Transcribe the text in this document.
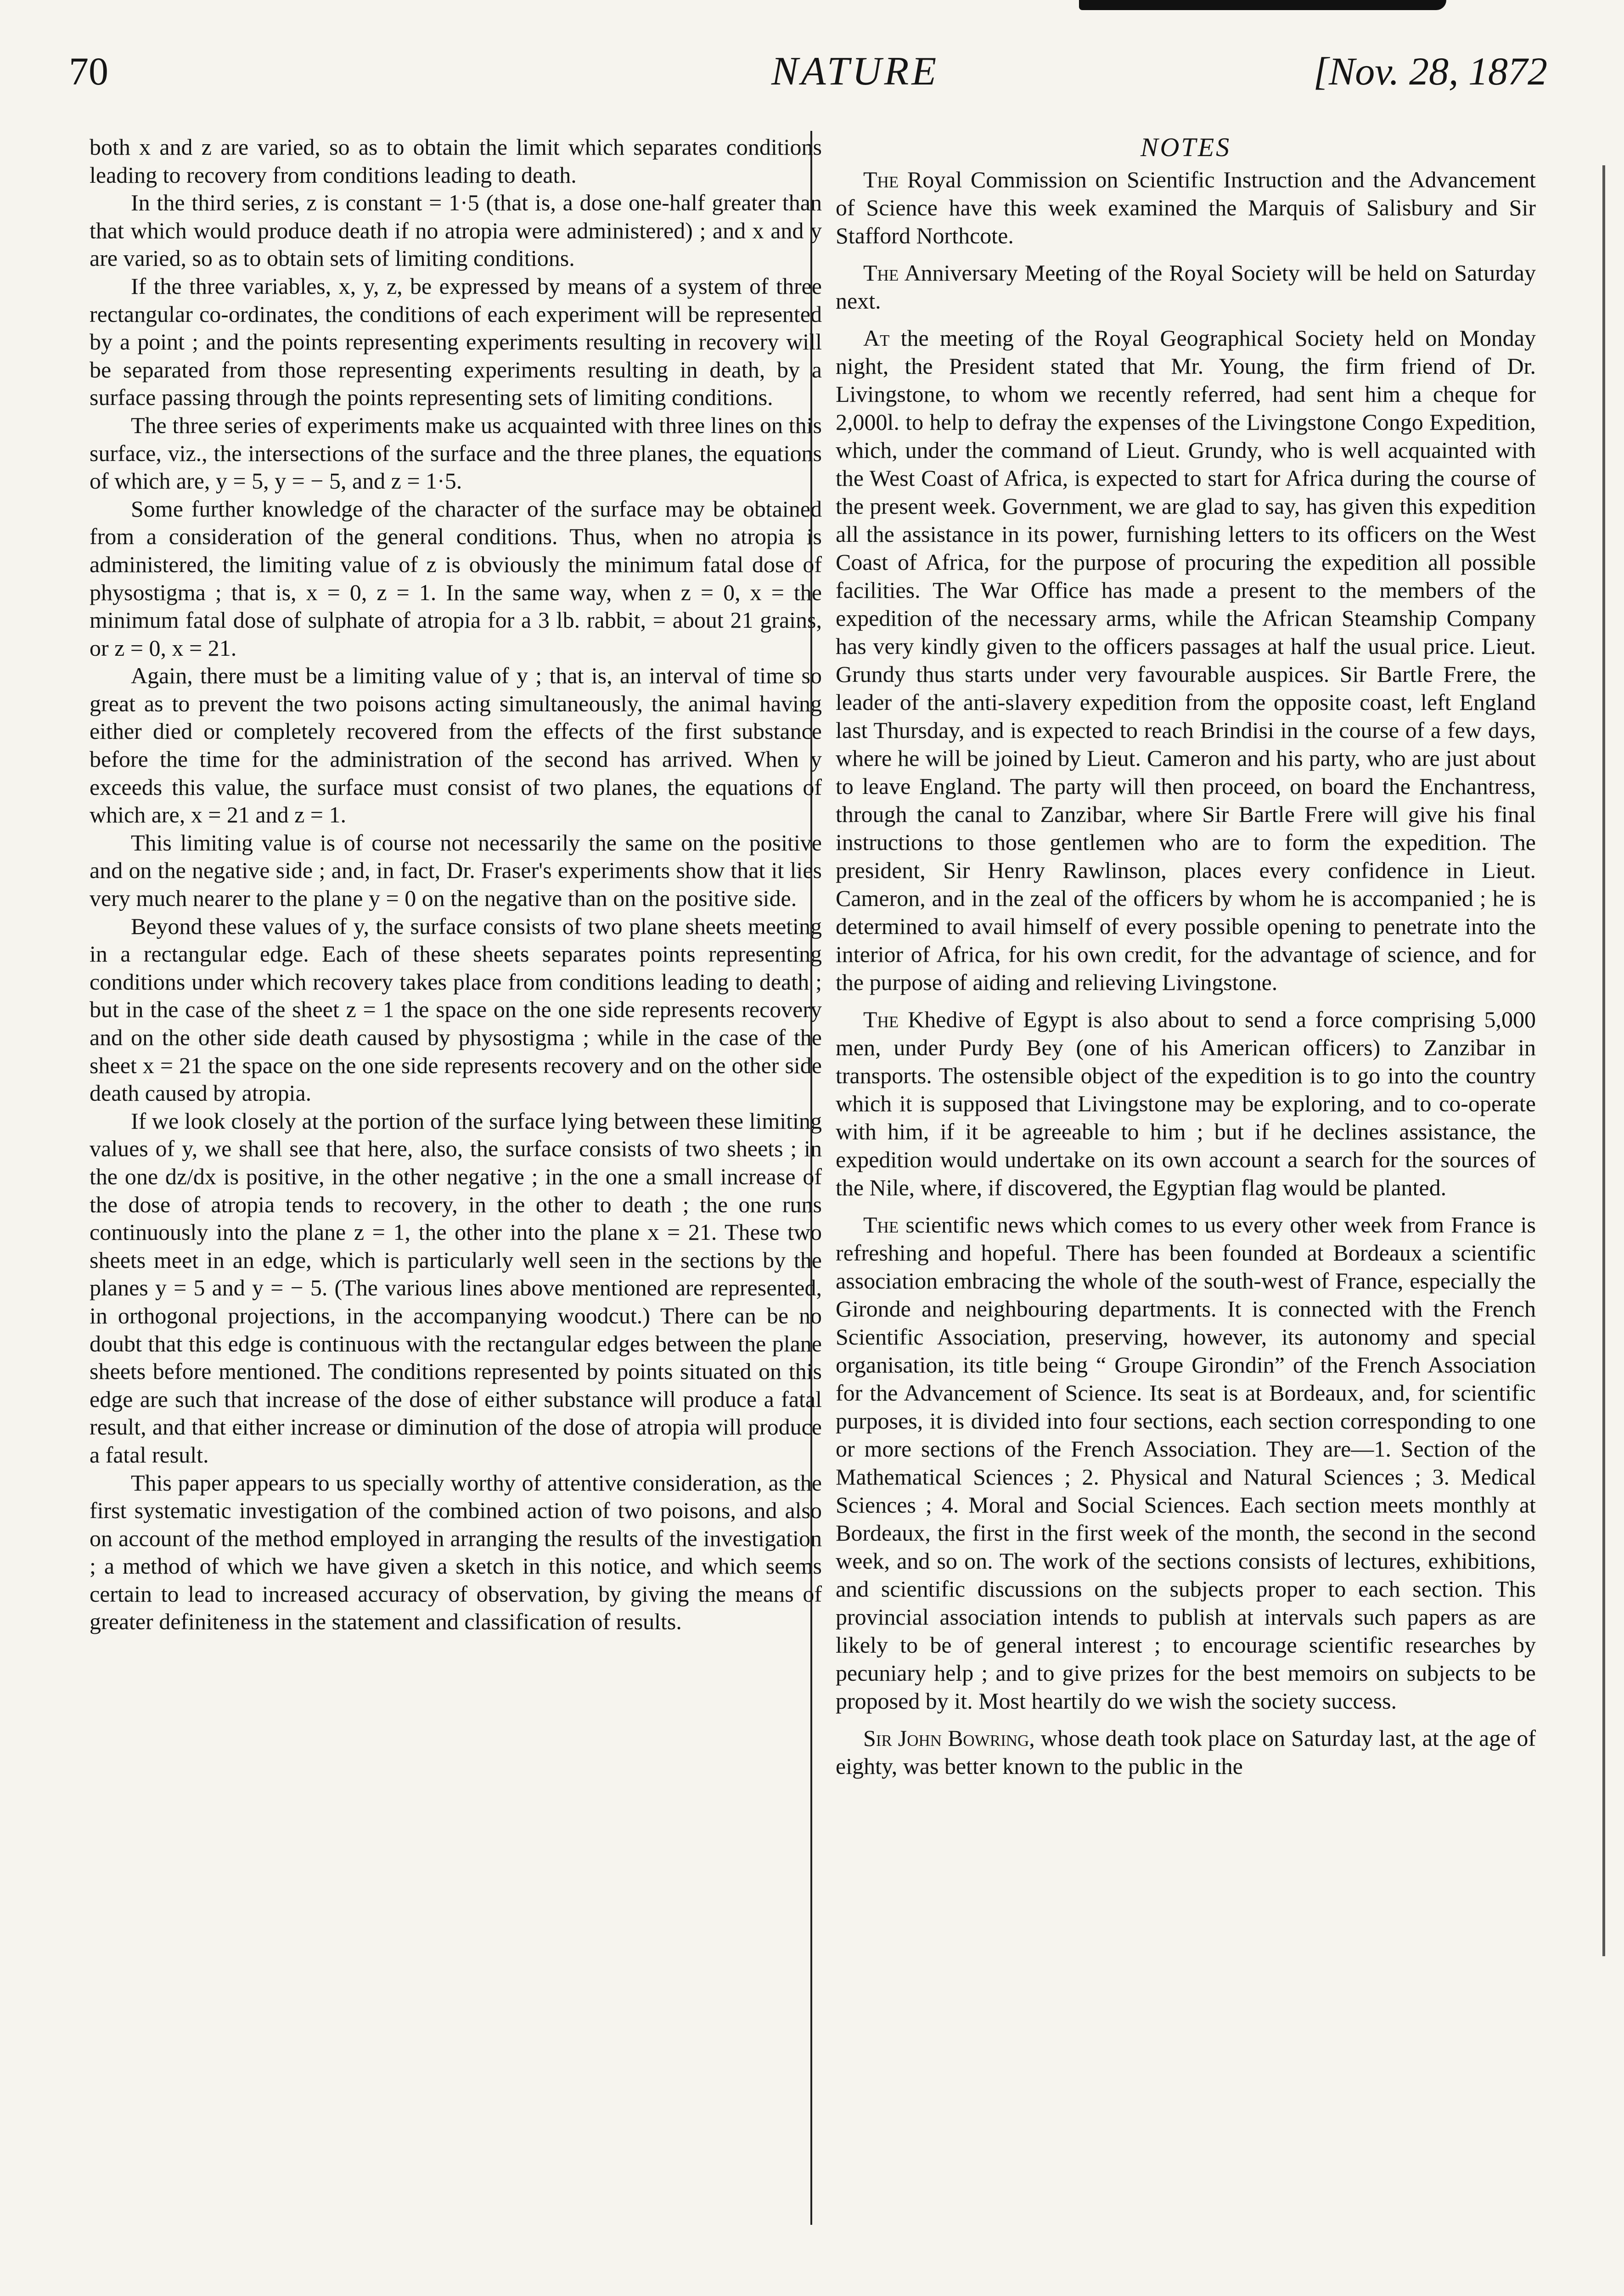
70	NATURE	[Nov. 28, 1872

both x and z are varied, so as to obtain the limit which separates conditions leading to recovery from conditions leading to death.

In the third series, z is constant = 1·5 (that is, a dose one-half greater than that which would produce death if no atropia were administered) ; and x and y are varied, so as to obtain sets of limiting conditions.

If the three variables, x, y, z, be expressed by means of a system of three rectangular co-ordinates, the conditions of each experiment will be represented by a point ; and the points representing experiments resulting in recovery will be separated from those representing experiments resulting in death, by a surface passing through the points representing sets of limiting conditions.

The three series of experiments make us acquainted with three lines on this surface, viz., the intersections of the surface and the three planes, the equations of which are, y = 5, y = − 5, and z = 1·5.

Some further knowledge of the character of the surface may be obtained from a consideration of the general conditions. Thus, when no atropia is administered, the limiting value of z is obviously the minimum fatal dose of physostigma ; that is, x = 0, z = 1. In the same way, when z = 0, x = the minimum fatal dose of sulphate of atropia for a 3 lb. rabbit, = about 21 grains, or z = 0, x = 21.

Again, there must be a limiting value of y ; that is, an interval of time so great as to prevent the two poisons acting simultaneously, the animal having either died or completely recovered from the effects of the first substance before the time for the administration of the second has arrived. When y exceeds this value, the surface must consist of two planes, the equations of which are, x = 21 and z = 1.

This limiting value is of course not necessarily the same on the positive and on the negative side ; and, in fact, Dr. Fraser's experiments show that it lies very much nearer to the plane y = 0 on the negative than on the positive side.

Beyond these values of y, the surface consists of two plane sheets meeting in a rectangular edge. Each of these sheets separates points representing conditions under which recovery takes place from conditions leading to death ; but in the case of the sheet z = 1 the space on the one side represents recovery and on the other side death caused by physostigma ; while in the case of the sheet x = 21 the space on the one side represents recovery and on the other side death caused by atropia.

If we look closely at the portion of the surface lying between these limiting values of y, we shall see that here, also, the surface consists of two sheets ; in the one dz/dx is positive, in the other negative ; in the one a small increase of the dose of atropia tends to recovery, in the other to death ; the one runs continuously into the plane z = 1, the other into the plane x = 21. These two sheets meet in an edge, which is particularly well seen in the sections by the planes y = 5 and y = − 5. (The various lines above mentioned are represented, in orthogonal projections, in the accompanying woodcut.) There can be no doubt that this edge is continuous with the rectangular edges between the plane sheets before mentioned. The conditions represented by points situated on this edge are such that increase of the dose of either substance will produce a fatal result, and that either increase or diminution of the dose of atropia will produce a fatal result.

This paper appears to us specially worthy of attentive consideration, as the first systematic investigation of the combined action of two poisons, and also on account of the method employed in arranging the results of the investigation ; a method of which we have given a sketch in this notice, and which seems certain to lead to increased accuracy of observation, by giving the means of greater definiteness in the statement and classification of results.

NOTES

The Royal Commission on Scientific Instruction and the Advancement of Science have this week examined the Marquis of Salisbury and Sir Stafford Northcote.

The Anniversary Meeting of the Royal Society will be held on Saturday next.

At the meeting of the Royal Geographical Society held on Monday night, the President stated that Mr. Young, the firm friend of Dr. Livingstone, to whom we recently referred, had sent him a cheque for 2,000l. to help to defray the expenses of the Livingstone Congo Expedition, which, under the command of Lieut. Grundy, who is well acquainted with the West Coast of Africa, is expected to start for Africa during the course of the present week. Government, we are glad to say, has given this expedition all the assistance in its power, furnishing letters to its officers on the West Coast of Africa, for the purpose of procuring the expedition all possible facilities. The War Office has made a present to the members of the expedition of the necessary arms, while the African Steamship Company has very kindly given to the officers passages at half the usual price. Lieut. Grundy thus starts under very favourable auspices. Sir Bartle Frere, the leader of the anti-slavery expedition from the opposite coast, left England last Thursday, and is expected to reach Brindisi in the course of a few days, where he will be joined by Lieut. Cameron and his party, who are just about to leave England. The party will then proceed, on board the Enchantress, through the canal to Zanzibar, where Sir Bartle Frere will give his final instructions to those gentlemen who are to form the expedition. The president, Sir Henry Rawlinson, places every confidence in Lieut. Cameron, and in the zeal of the officers by whom he is accompanied ; he is determined to avail himself of every possible opening to penetrate into the interior of Africa, for his own credit, for the advantage of science, and for the purpose of aiding and relieving Livingstone.

The Khedive of Egypt is also about to send a force comprising 5,000 men, under Purdy Bey (one of his American officers) to Zanzibar in transports. The ostensible object of the expedition is to go into the country which it is supposed that Livingstone may be exploring, and to co-operate with him, if it be agreeable to him ; but if he declines assistance, the expedition would undertake on its own account a search for the sources of the Nile, where, if discovered, the Egyptian flag would be planted.

The scientific news which comes to us every other week from France is refreshing and hopeful. There has been founded at Bordeaux a scientific association embracing the whole of the south-west of France, especially the Gironde and neighbouring departments. It is connected with the French Scientific Association, preserving, however, its autonomy and special organisation, its title being “ Groupe Girondin” of the French Association for the Advancement of Science. Its seat is at Bordeaux, and, for scientific purposes, it is divided into four sections, each section corresponding to one or more sections of the French Association. They are—1. Section of the Mathematical Sciences ; 2. Physical and Natural Sciences ; 3. Medical Sciences ; 4. Moral and Social Sciences. Each section meets monthly at Bordeaux, the first in the first week of the month, the second in the second week, and so on. The work of the sections consists of lectures, exhibitions, and scientific discussions on the subjects proper to each section. This provincial association intends to publish at intervals such papers as are likely to be of general interest ; to encourage scientific researches by pecuniary help ; and to give prizes for the best memoirs on subjects to be proposed by it. Most heartily do we wish the society success.

Sir John Bowring, whose death took place on Saturday last, at the age of eighty, was better known to the public in the
